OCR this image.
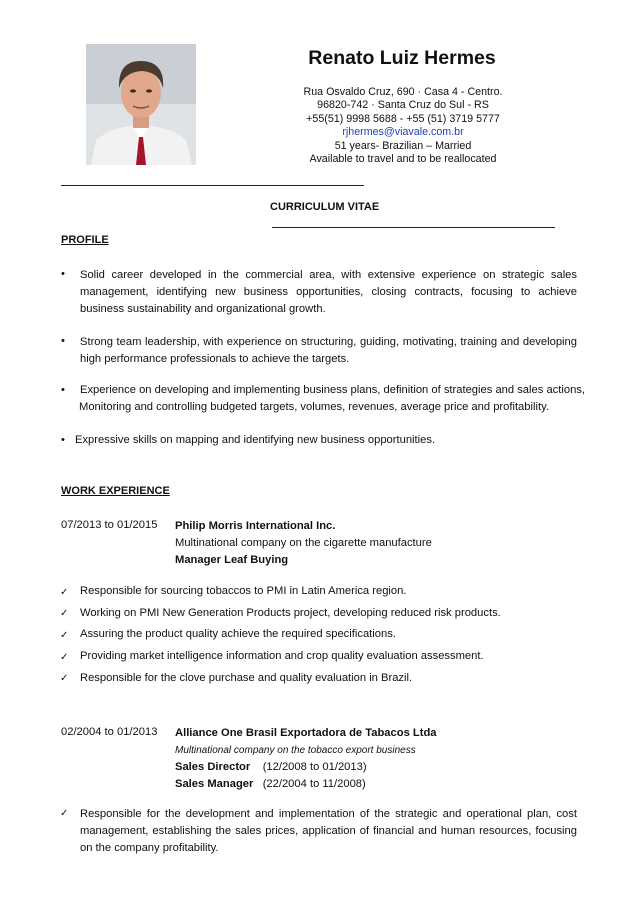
Renato Luiz Hermes
Rua Osvaldo Cruz, 690 · Casa 4 - Centro.
96820-742 · Santa Cruz do Sul - RS
+55(51) 9998 5688 - +55 (51) 3719 5777
rjhermes@viavale.com.br
51 years- Brazilian – Married
Available to travel and to be reallocated
CURRICULUM VITAE
PROFILE
• Solid career developed in the commercial area, with extensive experience on strategic sales management, identifying new business opportunities, closing contracts, focusing to achieve business sustainability and organizational growth.
• Strong team leadership, with experience on structuring, guiding, motivating, training and developing high performance professionals to achieve the targets.
• Experience on developing and implementing business plans, definition of strategies and sales actions,
Monitoring and controlling budgeted targets, volumes, revenues, average price and profitability.
• Expressive skills on mapping and identifying new business opportunities.
WORK EXPERIENCE
07/2013 to 01/2015 Philip Morris International Inc.
Multinational company on the cigarette manufacture
Manager Leaf Buying
✓ Responsible for sourcing tobaccos to PMI in Latin America region.
✓ Working on PMI New Generation Products project, developing reduced risk products.
✓ Assuring the product quality achieve the required specifications.
✓ Providing market intelligence information and crop quality evaluation assessment.
✓ Responsible for the clove purchase and quality evaluation in Brazil.
02/2004 to 01/2013 Alliance One Brasil Exportadora de Tabacos Ltda
Multinational company on the tobacco export business
Sales Director (12/2008 to 01/2013)
Sales Manager (22/2004 to 11/2008)
✓ Responsible for the development and implementation of the strategic and operational plan, cost management, establishing the sales prices, application of financial and human resources, focusing on the company profitability.
